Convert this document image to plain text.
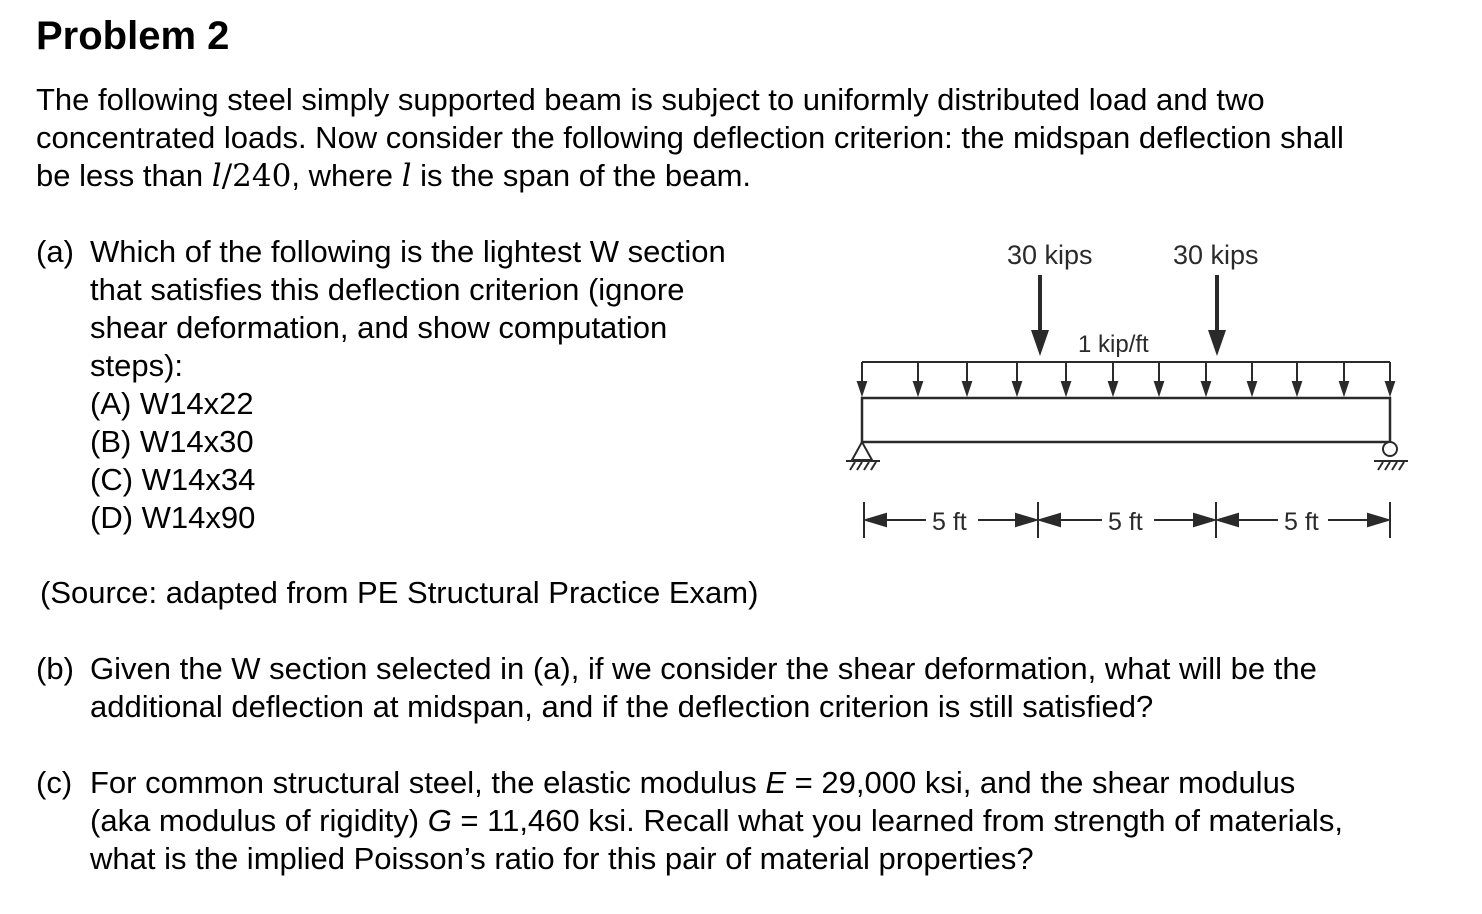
Problem 2
The following steel simply supported beam is subject to uniformly distributed load and two
concentrated loads. Now consider the following deflection criterion: the midspan deflection shall
be less than l/240, where l is the span of the beam.
(a) Which of the following is the lightest W section
that satisfies this deflection criterion (ignore
shear deformation, and show computation
steps):
(A) W14x22
(B) W14x30
(C) W14x34
(D) W14x90
(Source: adapted from PE Structural Practice Exam)
(b) Given the W section selected in (a), if we consider the shear deformation, what will be the
additional deflection at midspan, and if the deflection criterion is still satisfied?
(c) For common structural steel, the elastic modulus E = 29,000 ksi, and the shear modulus
(aka modulus of rigidity) G = 11,460 ksi. Recall what you learned from strength of materials,
what is the implied Poisson’s ratio for this pair of material properties?
30 kips	30 kips
1 kip/ft
5 ft	5 ft	5 ft
